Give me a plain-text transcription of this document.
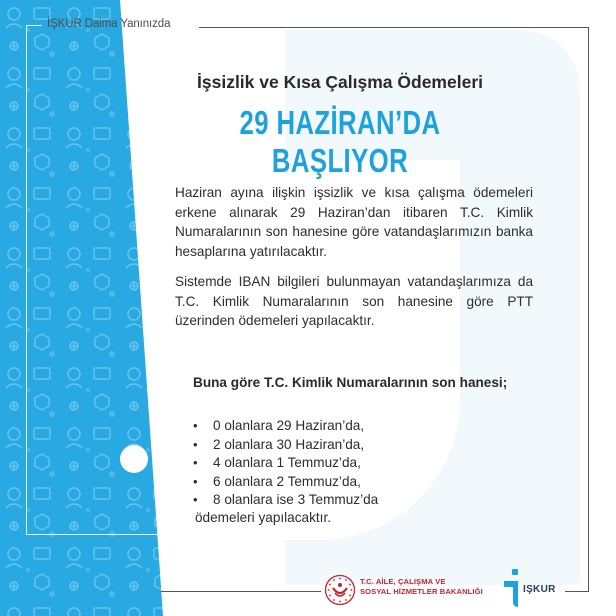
İŞKUR Daima Yanınızda
İşsizlik ve Kısa Çalışma Ödemeleri
29 HAZİRAN’DA BAŞLIYOR
Haziran ayına ilişkin işsizlik ve kısa çalışma ödemeleri erkene alınarak 29 Haziran’dan itibaren T.C. Kimlik Numaralarının son hanesine göre vatandaşlarımızın banka hesaplarına yatırılacaktır.
Sistemde IBAN bilgileri bulunmayan vatandaşlarımıza da T.C. Kimlik Numaralarının son hanesine göre PTT üzerinden ödemeleri yapılacaktır.
Buna göre T.C. Kimlik Numaralarının son hanesi;
•	0 olanlara 29 Haziran’da,
•	2 olanlara 30 Haziran’da,
•	4 olanlara 1 Temmuz’da,
•	6 olanlara 2 Temmuz’da,
•	8 olanlara ise 3 Temmuz’da
ödemeleri yapılacaktır.
T.C. AİLE, ÇALIŞMA VE
SOSYAL HİZMETLER BAKANLIĞI	IŞKUR
